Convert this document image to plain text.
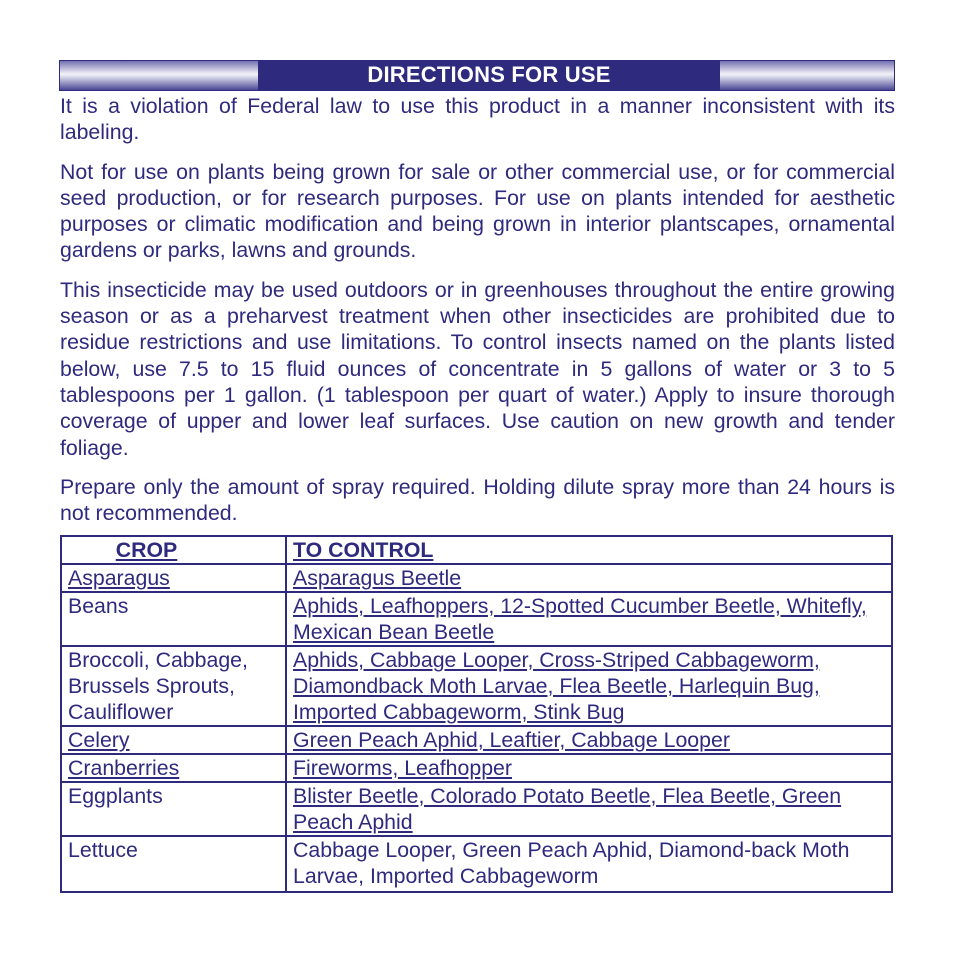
DIRECTIONS FOR USE

It is a violation of Federal law to use this product in a manner inconsistent with its labeling.

Not for use on plants being grown for sale or other commercial use, or for commercial seed production, or for research purposes. For use on plants intended for aesthetic purposes or climatic modification and being grown in interior plantscapes, ornamental gardens or parks, lawns and grounds.

This insecticide may be used outdoors or in greenhouses throughout the entire growing season or as a preharvest treatment when other insecticides are prohibited due to residue restrictions and use limitations. To control insects named on the plants listed below, use 7.5 to 15 fluid ounces of concentrate in 5 gallons of water or 3 to 5 tablespoons per 1 gallon. (1 tablespoon per quart of water.) Apply to insure thorough coverage of upper and lower leaf surfaces. Use caution on new growth and tender foliage.

Prepare only the amount of spray required. Holding dilute spray more than 24 hours is not recommended.

CROP	TO CONTROL
Asparagus	Asparagus Beetle
Beans	Aphids, Leafhoppers, 12-Spotted Cucumber Beetle, Whitefly, Mexican Bean Beetle
Broccoli, Cabbage, Brussels Sprouts, Cauliflower	Aphids, Cabbage Looper, Cross-Striped Cabbageworm, Diamondback Moth Larvae, Flea Beetle, Harlequin Bug, Imported Cabbageworm, Stink Bug
Celery	Green Peach Aphid, Leaftier, Cabbage Looper
Cranberries	Fireworms, Leafhopper
Eggplants	Blister Beetle, Colorado Potato Beetle, Flea Beetle, Green Peach Aphid
Lettuce	Cabbage Looper, Green Peach Aphid, Diamond-back Moth Larvae, Imported Cabbageworm
